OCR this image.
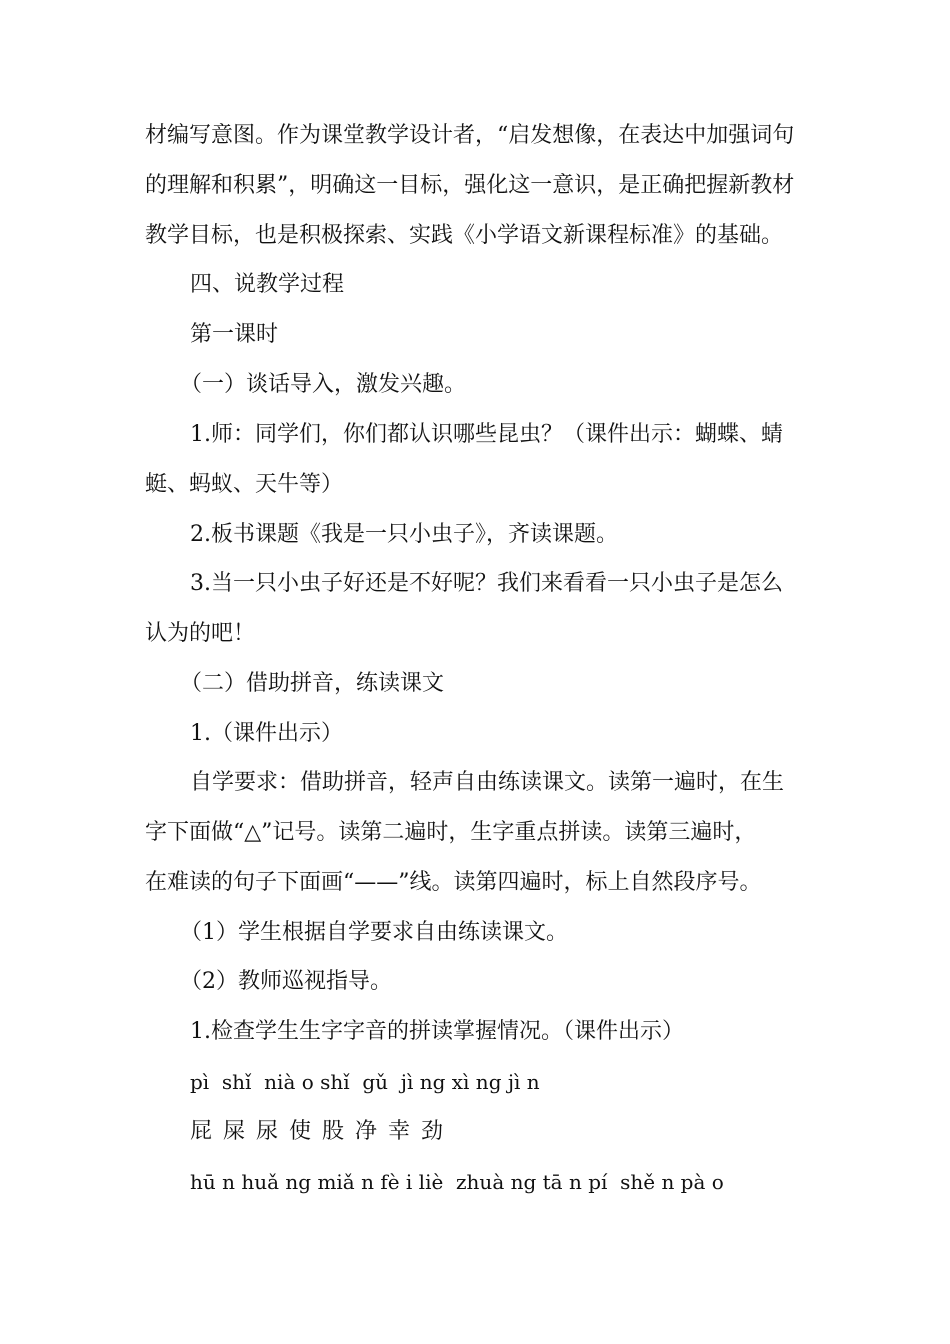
材编写意图。作为课堂教学设计者，“启发想像，在表达中加强词句
的理解和积累”，明确这一目标，强化这一意识，是正确把握新教材
教学目标，也是积极探索、实践《小学语文新课程标准》的基础。
四、说教学过程
第一课时
（一）谈话导入，激发兴趣。
1.师：同学们，你们都认识哪些昆虫？（课件出示：蝴蝶、蜻
蜓、蚂蚁、天牛等）
2.板书课题《我是一只小虫子》，齐读课题。
3.当一只小虫子好还是不好呢？我们来看看一只小虫子是怎么
认为的吧！
（二）借助拼音，练读课文
1.（课件出示）
自学要求：借助拼音，轻声自由练读课文。读第一遍时，在生
字下面做“△”记号。读第二遍时，生字重点拼读。读第三遍时，
在难读的句子下面画“——”线。读第四遍时，标上自然段序号。
（1）学生根据自学要求自由练读课文。
（2）教师巡视指导。
1.检查学生生字字音的拼读掌握情况。（课件出示）
pì  shǐ  nià o shǐ  gǔ  jì ng xì ng jì n
屁 屎 尿 使 股 净 幸 劲
hū n huǎ ng miǎ n fè i liè  zhuà ng tā n pí  shě n pà o
